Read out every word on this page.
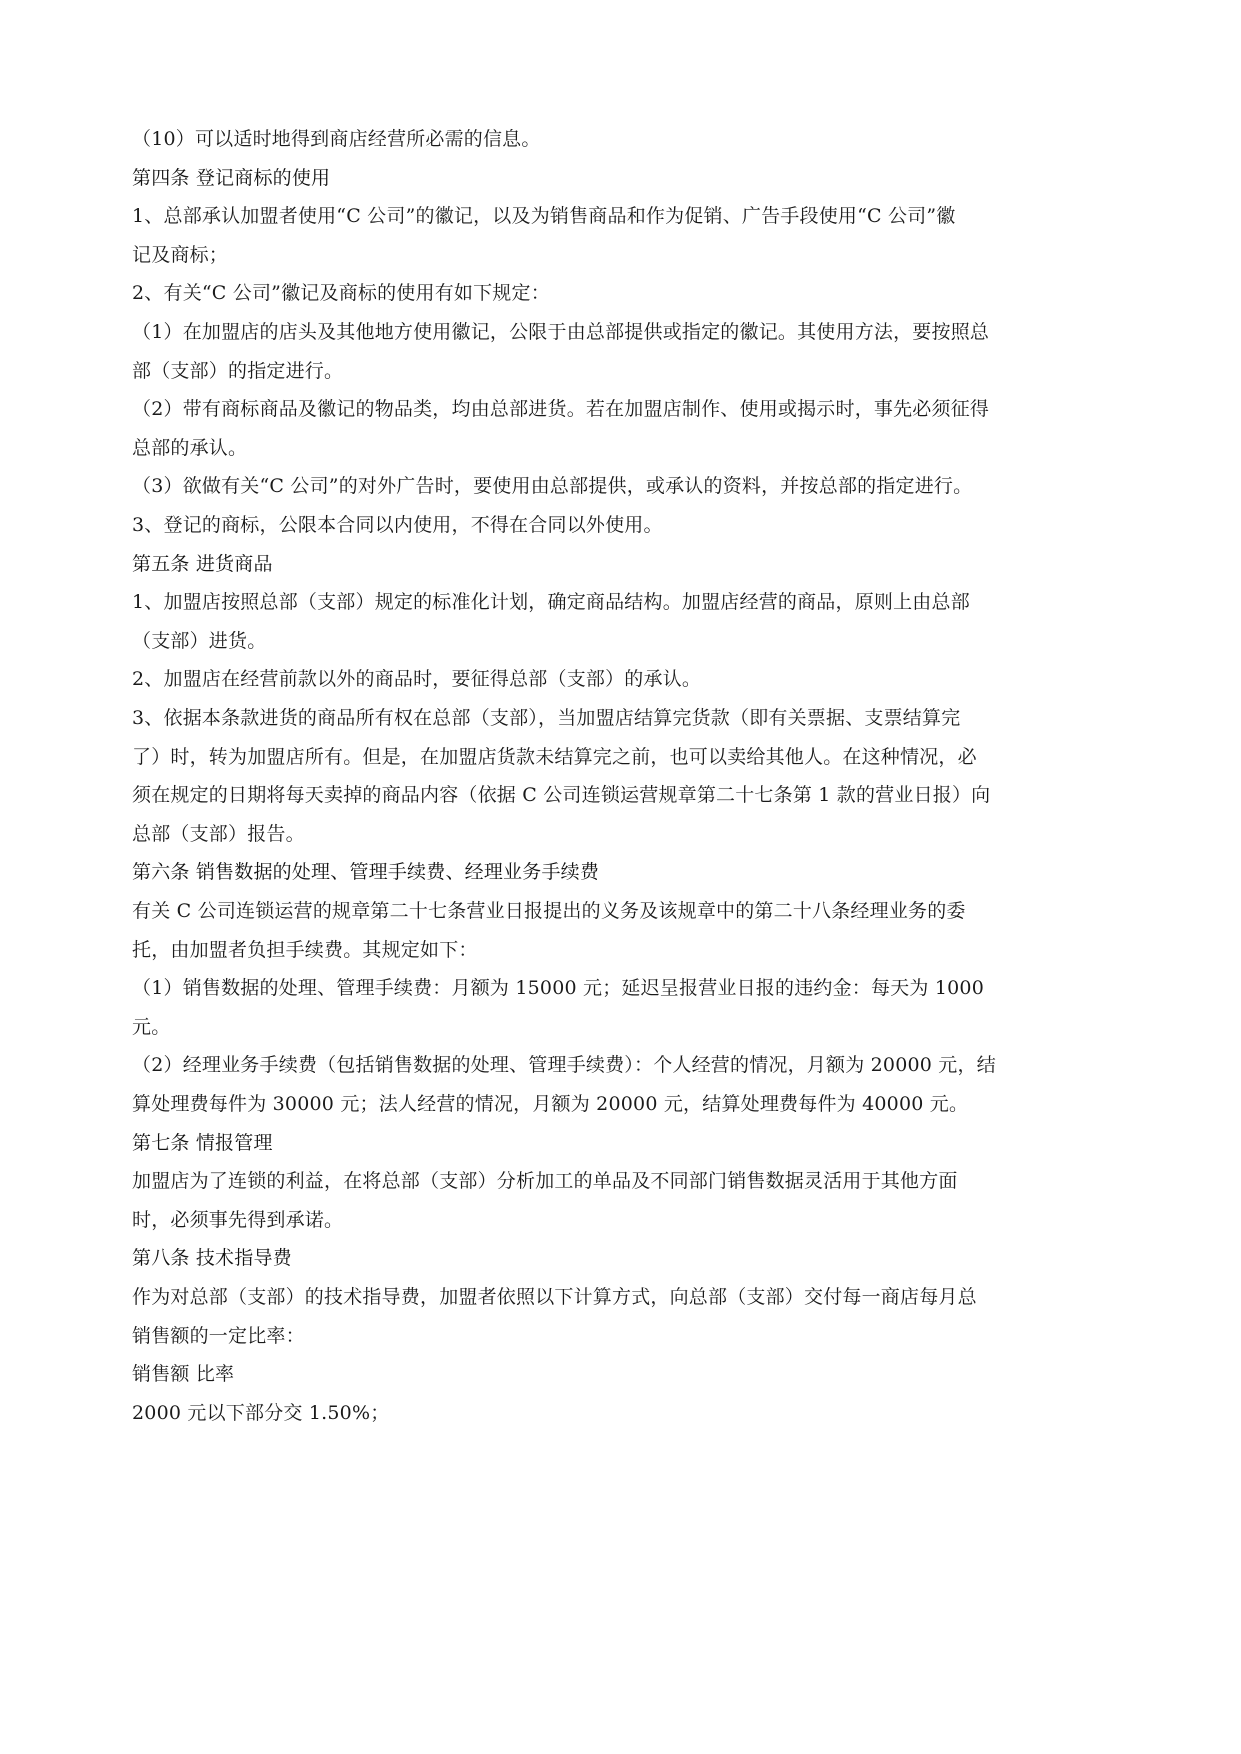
（10）可以适时地得到商店经营所必需的信息。
第四条 登记商标的使用
1、总部承认加盟者使用“C 公司”的徽记，以及为销售商品和作为促销、广告手段使用“C 公司”徽
记及商标；
2、有关“C 公司”徽记及商标的使用有如下规定：
（1）在加盟店的店头及其他地方使用徽记，公限于由总部提供或指定的徽记。其使用方法，要按照总
部（支部）的指定进行。
（2）带有商标商品及徽记的物品类，均由总部进货。若在加盟店制作、使用或揭示时，事先必须征得
总部的承认。
（3）欲做有关“C 公司”的对外广告时，要使用由总部提供，或承认的资料，并按总部的指定进行。
3、登记的商标，公限本合同以内使用，不得在合同以外使用。
第五条 进货商品
1、加盟店按照总部（支部）规定的标准化计划，确定商品结构。加盟店经营的商品，原则上由总部
（支部）进货。
2、加盟店在经营前款以外的商品时，要征得总部（支部）的承认。
3、依据本条款进货的商品所有权在总部（支部），当加盟店结算完货款（即有关票据、支票结算完
了）时，转为加盟店所有。但是，在加盟店货款未结算完之前，也可以卖给其他人。在这种情况，必
须在规定的日期将每天卖掉的商品内容（依据 C 公司连锁运营规章第二十七条第 1 款的营业日报）向
总部（支部）报告。
第六条 销售数据的处理、管理手续费、经理业务手续费
有关 C 公司连锁运营的规章第二十七条营业日报提出的义务及该规章中的第二十八条经理业务的委
托，由加盟者负担手续费。其规定如下：
（1）销售数据的处理、管理手续费：月额为 15000 元；延迟呈报营业日报的违约金：每天为 1000
元。
（2）经理业务手续费（包括销售数据的处理、管理手续费）：个人经营的情况，月额为 20000 元，结
算处理费每件为 30000 元；法人经营的情况，月额为 20000 元，结算处理费每件为 40000 元。
第七条 情报管理
加盟店为了连锁的利益，在将总部（支部）分析加工的单品及不同部门销售数据灵活用于其他方面
时，必须事先得到承诺。
第八条 技术指导费
作为对总部（支部）的技术指导费，加盟者依照以下计算方式，向总部（支部）交付每一商店每月总
销售额的一定比率：
销售额 比率
2000 元以下部分交 1.50%；
